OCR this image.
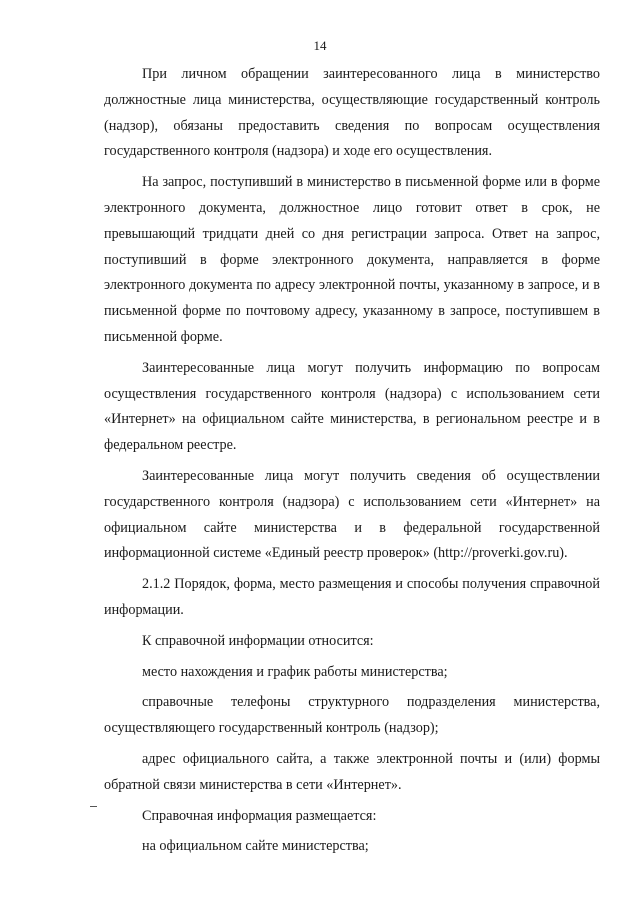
14

При личном обращении заинтересованного лица в министерство должностные лица министерства, осуществляющие государственный контроль (надзор), обязаны предоставить сведения по вопросам осуществления государственного контроля (надзора) и ходе его осуществления.

На запрос, поступивший в министерство в письменной форме или в форме электронного документа, должностное лицо готовит ответ в срок, не превышающий тридцати дней со дня регистрации запроса. Ответ на запрос, поступивший в форме электронного документа, направляется в форме электронного документа по адресу электронной почты, указанному в запросе, и в письменной форме по почтовому адресу, указанному в запросе, поступившем в письменной форме.

Заинтересованные лица могут получить информацию по вопросам осуществления государственного контроля (надзора) с использованием сети «Интернет» на официальном сайте министерства, в региональном реестре и в федеральном реестре.

Заинтересованные лица могут получить сведения об осуществлении государственного контроля (надзора) с использованием сети «Интернет» на официальном сайте министерства и в федеральной государственной информационной системе «Единый реестр проверок» (http://proverki.gov.ru).

2.1.2 Порядок, форма, место размещения и способы получения справочной информации.

К справочной информации относится:

место нахождения и график работы министерства;

справочные телефоны структурного подразделения министерства, осуществляющего государственный контроль (надзор);

адрес официального сайта, а также электронной почты и (или) формы обратной связи министерства в сети «Интернет».

Справочная информация размещается:

на официальном сайте министерства;
